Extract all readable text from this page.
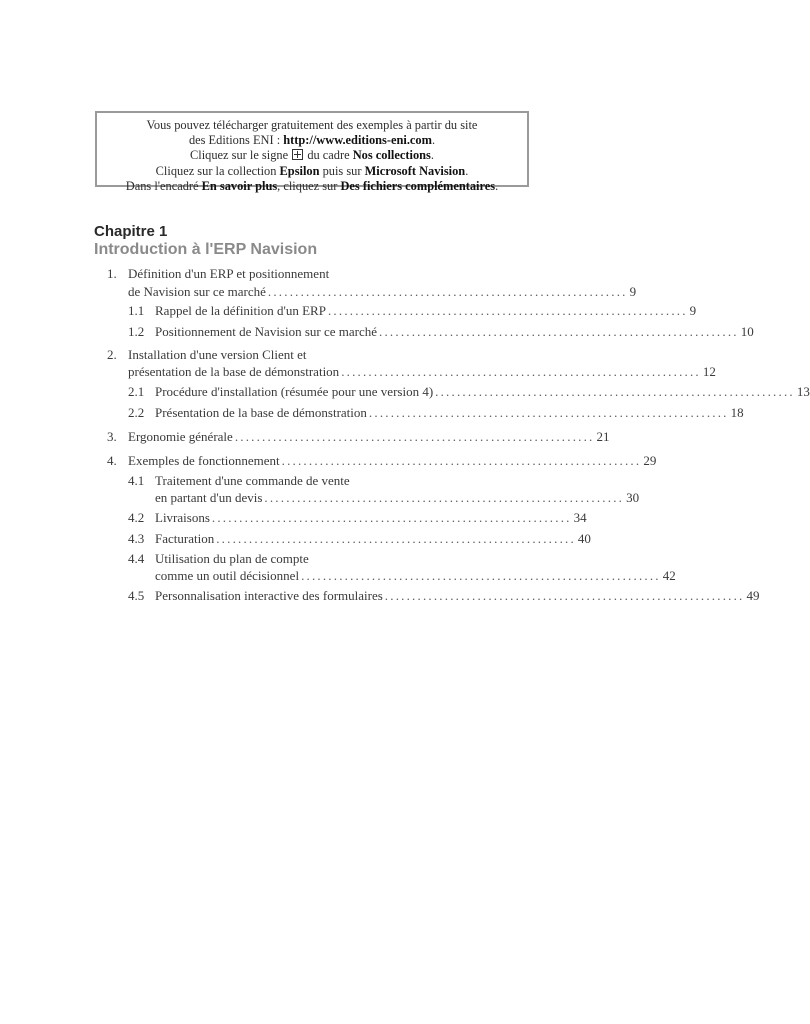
Vous pouvez télécharger gratuitement des exemples à partir du site
des Editions ENI : http://www.editions-eni.com.
Cliquez sur le signe du cadre Nos collections.
Cliquez sur la collection Epsilon puis sur Microsoft Navision.
Dans l'encadré En savoir plus, cliquez sur Des fichiers complémentaires.
Chapitre 1
Introduction à l'ERP Navision
1. Définition d'un ERP et positionnement
de Navision sur ce marché .................................................................. 9
1.1 Rappel de la définition d'un ERP .................................................................. 9
1.2 Positionnement de Navision sur ce marché .................................................................. 10
2. Installation d'une version Client et
présentation de la base de démonstration .................................................................. 12
2.1 Procédure d'installation (résumée pour une version 4) .................................................................. 13
2.2 Présentation de la base de démonstration .................................................................. 18
3. Ergonomie générale .................................................................. 21
4. Exemples de fonctionnement .................................................................. 29
4.1 Traitement d'une commande de vente
en partant d'un devis .................................................................. 30
4.2 Livraisons .................................................................. 34
4.3 Facturation .................................................................. 40
4.4 Utilisation du plan de compte
comme un outil décisionnel .................................................................. 42
4.5 Personnalisation interactive des formulaires .................................................................. 49
